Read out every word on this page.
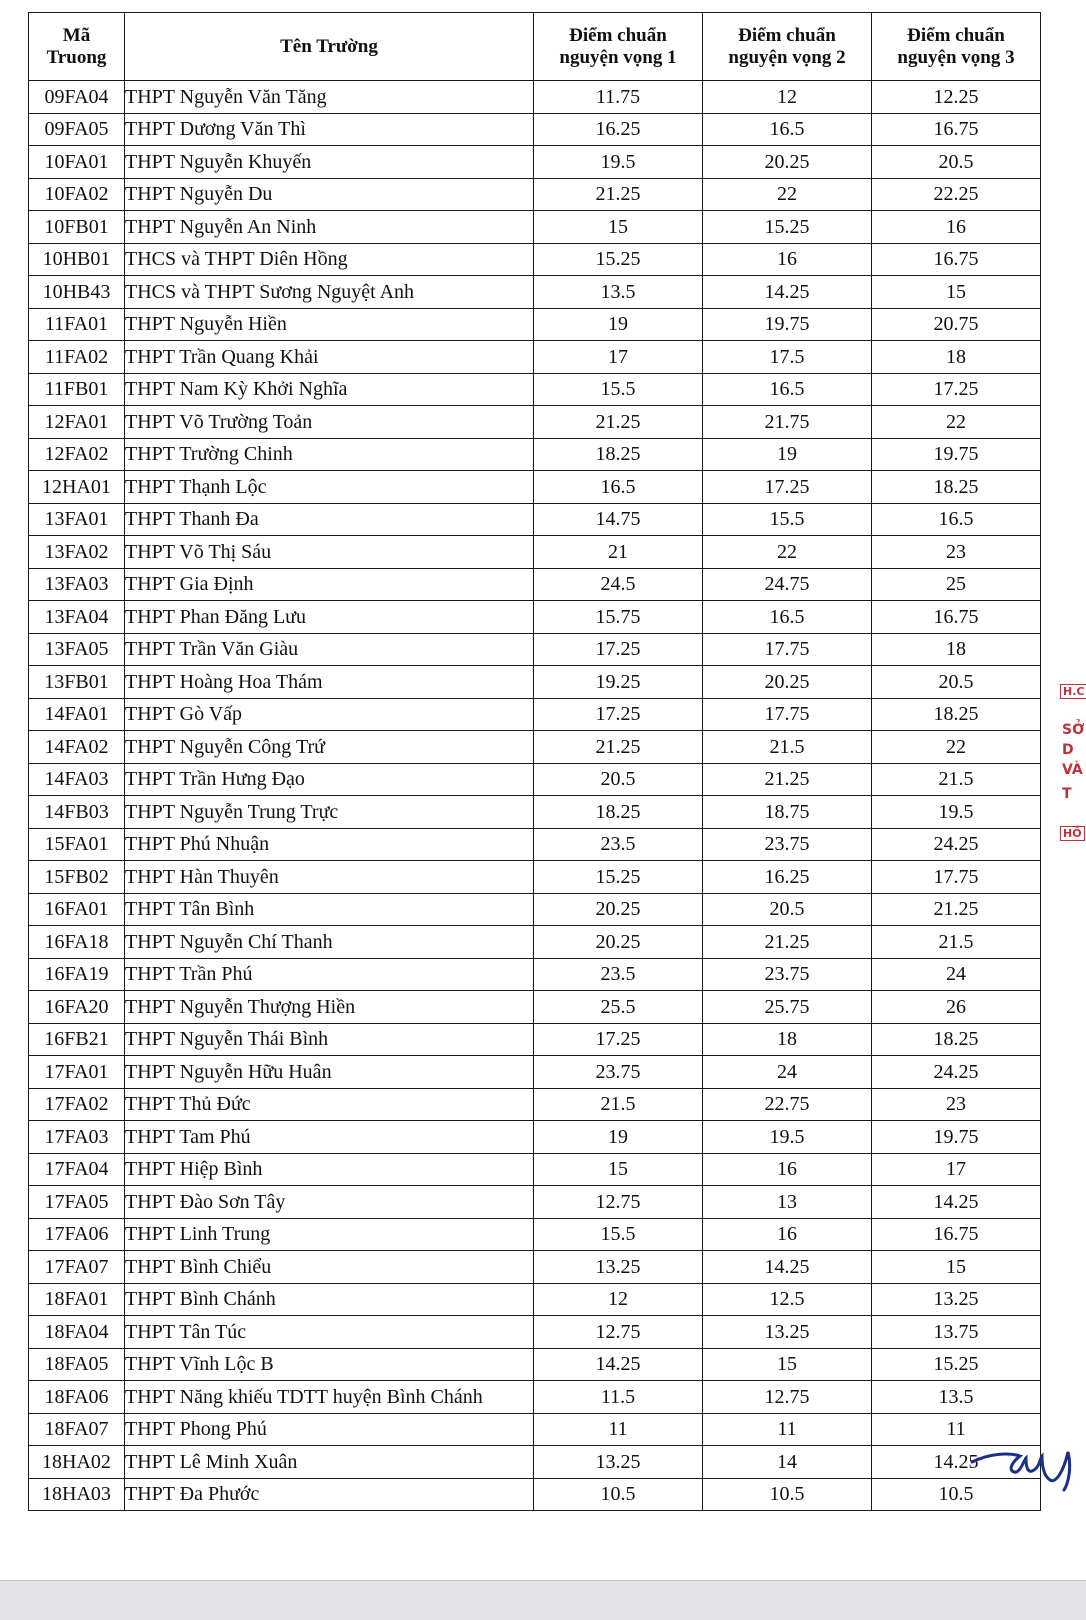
Mã Truong	Tên Trường	Điểm chuẩn nguyện vọng 1	Điểm chuẩn nguyện vọng 2	Điểm chuẩn nguyện vọng 3
09FA04	THPT Nguyễn Văn Tăng	11.75	12	12.25
09FA05	THPT Dương Văn Thì	16.25	16.5	16.75
10FA01	THPT Nguyễn Khuyến	19.5	20.25	20.5
10FA02	THPT Nguyễn Du	21.25	22	22.25
10FB01	THPT Nguyễn An Ninh	15	15.25	16
10HB01	THCS và THPT Diên Hồng	15.25	16	16.75
10HB43	THCS và THPT Sương Nguyệt Anh	13.5	14.25	15
11FA01	THPT Nguyễn Hiền	19	19.75	20.75
11FA02	THPT Trần Quang Khải	17	17.5	18
11FB01	THPT Nam Kỳ Khởi Nghĩa	15.5	16.5	17.25
12FA01	THPT Võ Trường Toản	21.25	21.75	22
12FA02	THPT Trường Chinh	18.25	19	19.75
12HA01	THPT Thạnh Lộc	16.5	17.25	18.25
13FA01	THPT Thanh Đa	14.75	15.5	16.5
13FA02	THPT Võ Thị Sáu	21	22	23
13FA03	THPT Gia Định	24.5	24.75	25
13FA04	THPT Phan Đăng Lưu	15.75	16.5	16.75
13FA05	THPT Trần Văn Giàu	17.25	17.75	18
13FB01	THPT Hoàng Hoa Thám	19.25	20.25	20.5
14FA01	THPT Gò Vấp	17.25	17.75	18.25
14FA02	THPT Nguyễn Công Trứ	21.25	21.5	22
14FA03	THPT Trần Hưng Đạo	20.5	21.25	21.5
14FB03	THPT Nguyễn Trung Trực	18.25	18.75	19.5
15FA01	THPT Phú Nhuận	23.5	23.75	24.25
15FB02	THPT Hàn Thuyên	15.25	16.25	17.75
16FA01	THPT Tân Bình	20.25	20.5	21.25
16FA18	THPT Nguyễn Chí Thanh	20.25	21.25	21.5
16FA19	THPT Trần Phú	23.5	23.75	24
16FA20	THPT Nguyễn Thượng Hiền	25.5	25.75	26
16FB21	THPT Nguyễn Thái Bình	17.25	18	18.25
17FA01	THPT Nguyễn Hữu Huân	23.75	24	24.25
17FA02	THPT Thủ Đức	21.5	22.75	23
17FA03	THPT Tam Phú	19	19.5	19.75
17FA04	THPT Hiệp Bình	15	16	17
17FA05	THPT Đào Sơn Tây	12.75	13	14.25
17FA06	THPT Linh Trung	15.5	16	16.75
17FA07	THPT Bình Chiểu	13.25	14.25	15
18FA01	THPT Bình Chánh	12	12.5	13.25
18FA04	THPT Tân Túc	12.75	13.25	13.75
18FA05	THPT Vĩnh Lộc B	14.25	15	15.25
18FA06	THPT Năng khiếu TDTT huyện Bình Chánh	11.5	12.75	13.5
18FA07	THPT Phong Phú	11	11	11
18HA02	THPT Lê Minh Xuân	13.25	14	14.25
18HA03	THPT Đa Phước	10.5	10.5	10.5
H.C
SỞ
D
VÀ
T
HỒ
